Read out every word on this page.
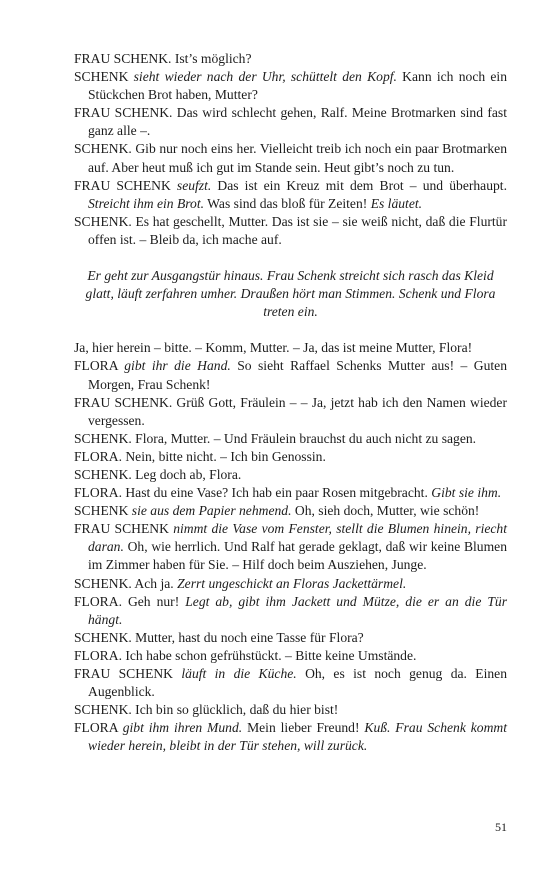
FRAU SCHENK. Ist’s möglich?

SCHENK sieht wieder nach der Uhr, schüttelt den Kopf. Kann ich noch ein Stückchen Brot haben, Mutter?

FRAU SCHENK. Das wird schlecht gehen, Ralf. Meine Brotmarken sind fast ganz alle –.

SCHENK. Gib nur noch eins her. Vielleicht treib ich noch ein paar Brotmarken auf. Aber heut muß ich gut im Stande sein. Heut gibt’s noch zu tun.

FRAU SCHENK seufzt. Das ist ein Kreuz mit dem Brot – und überhaupt. Streicht ihm ein Brot. Was sind das bloß für Zeiten! Es läutet.

SCHENK. Es hat geschellt, Mutter. Das ist sie – sie weiß nicht, daß die Flurtür offen ist. – Bleib da, ich mache auf.

Er geht zur Ausgangstür hinaus. Frau Schenk streicht sich rasch das Kleid glatt, läuft zerfahren umher. Draußen hört man Stimmen. Schenk und Flora treten ein.

Ja, hier herein – bitte. – Komm, Mutter. – Ja, das ist meine Mutter, Flora!

FLORA gibt ihr die Hand. So sieht Raffael Schenks Mutter aus! – Guten Morgen, Frau Schenk!

FRAU SCHENK. Grüß Gott, Fräulein – – Ja, jetzt hab ich den Namen wieder vergessen.

SCHENK. Flora, Mutter. – Und Fräulein brauchst du auch nicht zu sagen.

FLORA. Nein, bitte nicht. – Ich bin Genossin.

SCHENK. Leg doch ab, Flora.

FLORA. Hast du eine Vase? Ich hab ein paar Rosen mitgebracht. Gibt sie ihm.

SCHENK sie aus dem Papier nehmend. Oh, sieh doch, Mutter, wie schön!

FRAU SCHENK nimmt die Vase vom Fenster, stellt die Blumen hinein, riecht daran. Oh, wie herrlich. Und Ralf hat gerade geklagt, daß wir keine Blumen im Zimmer haben für Sie. – Hilf doch beim Ausziehen, Junge.

SCHENK. Ach ja. Zerrt ungeschickt an Floras Jackettärmel.

FLORA. Geh nur! Legt ab, gibt ihm Jackett und Mütze, die er an die Tür hängt.

SCHENK. Mutter, hast du noch eine Tasse für Flora?

FLORA. Ich habe schon gefrühstückt. – Bitte keine Umstände.

FRAU SCHENK läuft in die Küche. Oh, es ist noch genug da. Einen Augenblick.

SCHENK. Ich bin so glücklich, daß du hier bist!

FLORA gibt ihm ihren Mund. Mein lieber Freund! Kuß. Frau Schenk kommt wieder herein, bleibt in der Tür stehen, will zurück.

51
